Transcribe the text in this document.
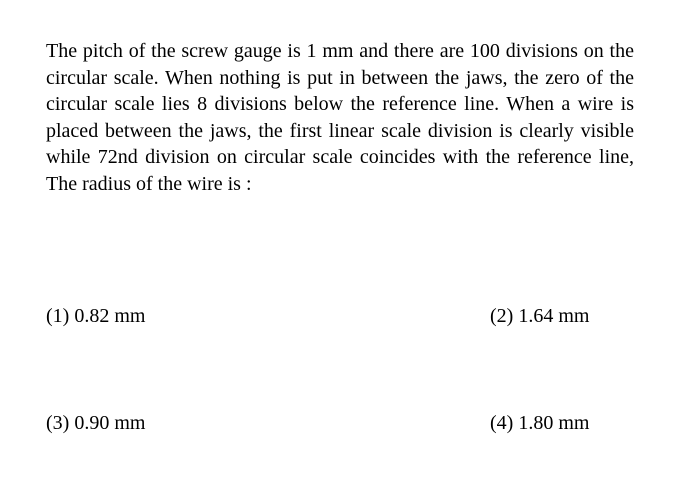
The pitch of the screw gauge is 1 mm and there are 100 divisions on the circular scale. When nothing is put in between the jaws, the zero of the circular scale lies 8 divisions below the reference line. When a wire is placed between the jaws, the first linear scale division is clearly visible while 72nd division on circular scale coincides with the reference line, The radius of the wire is :

(1) 0.82 mm	(2) 1.64 mm
(3) 0.90 mm	(4) 1.80 mm
